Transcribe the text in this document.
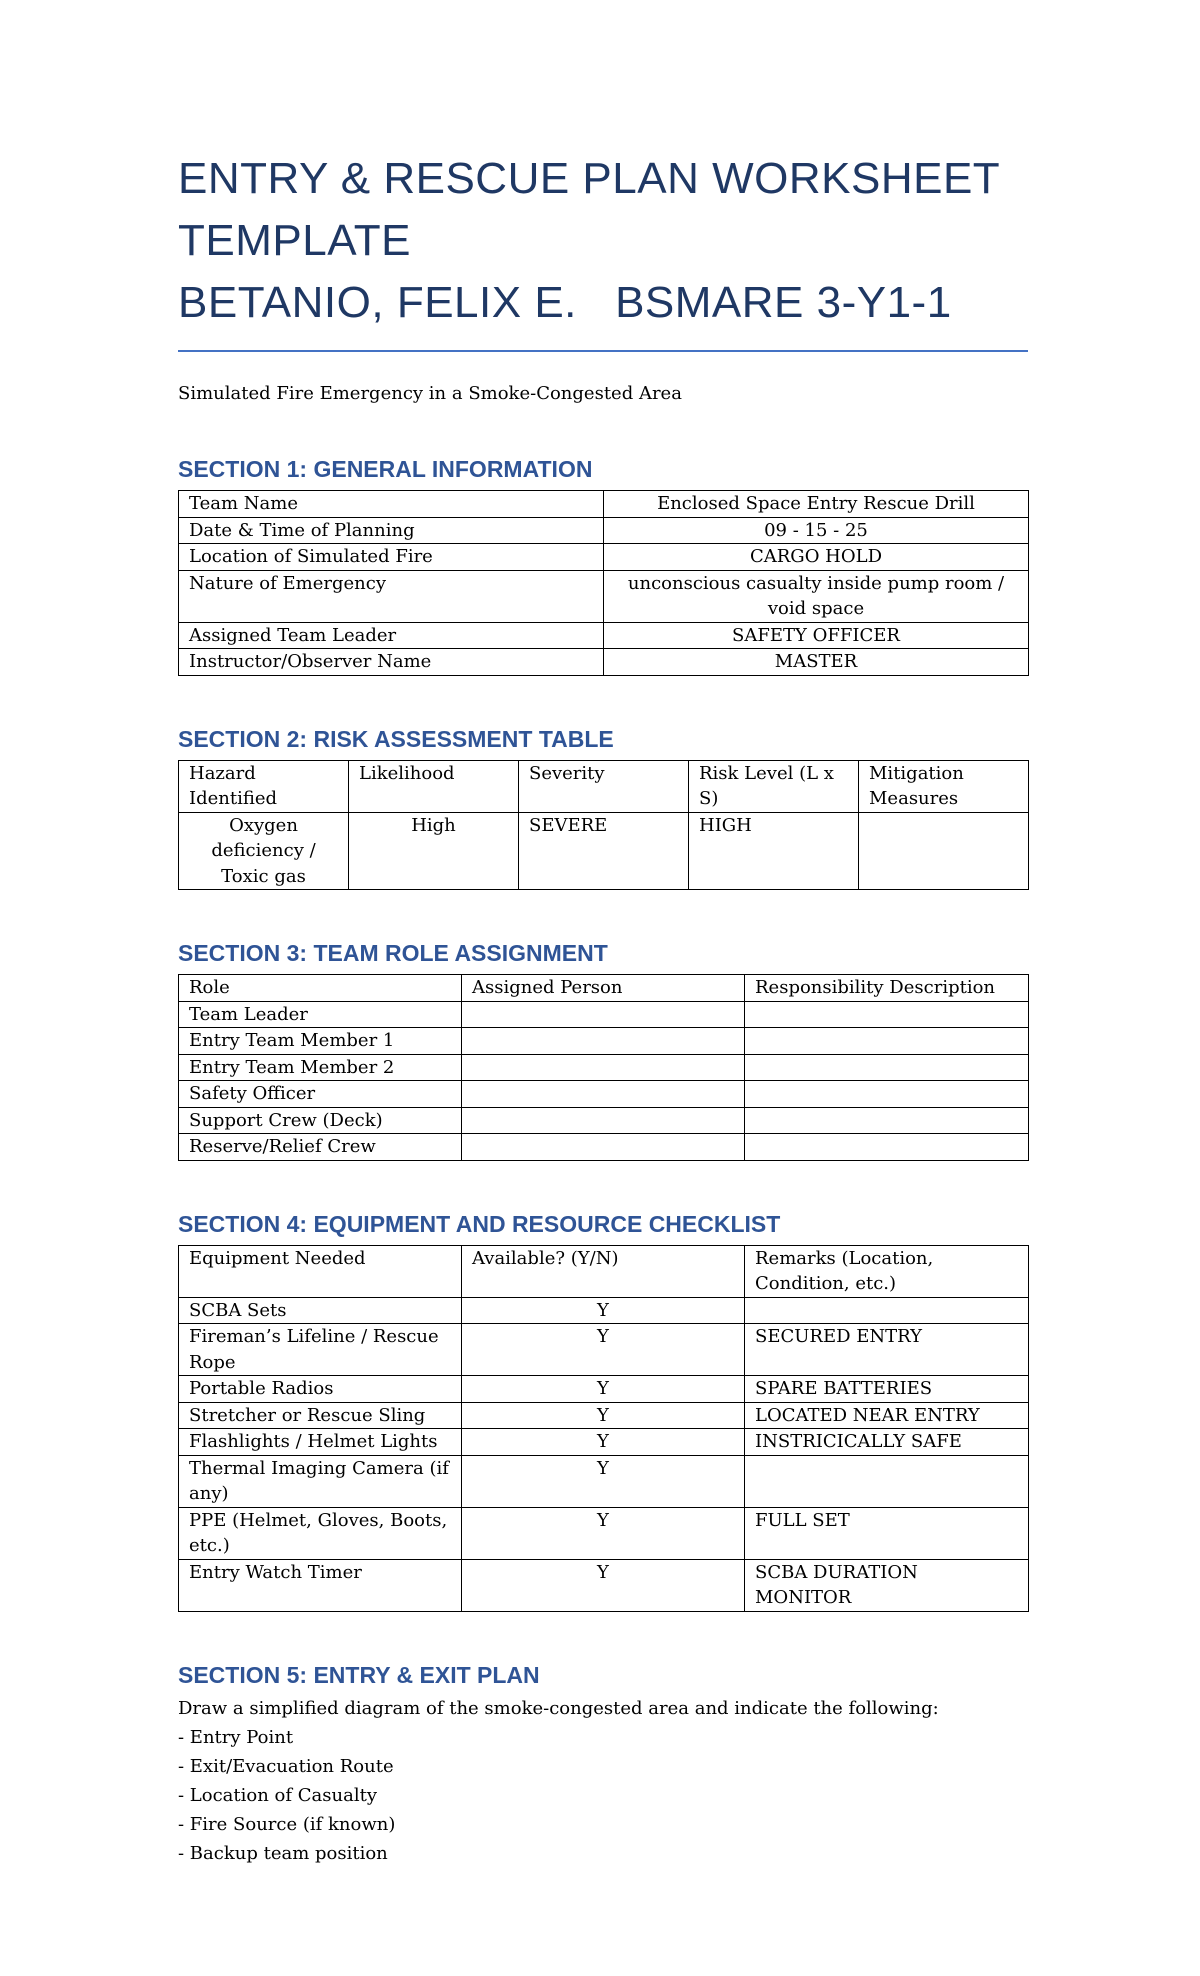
ENTRY & RESCUE PLAN WORKSHEET
TEMPLATE
BETANIO, FELIX E.   BSMARE 3-Y1-1
Simulated Fire Emergency in a Smoke-Congested Area
SECTION 1: GENERAL INFORMATION
Team Name	Enclosed Space Entry Rescue Drill
Date & Time of Planning	09 - 15 - 25
Location of Simulated Fire	CARGO HOLD
Nature of Emergency	unconscious casualty inside pump room / void space
Assigned Team Leader	SAFETY OFFICER
Instructor/Observer Name	MASTER
SECTION 2: RISK ASSESSMENT TABLE
Hazard Identified	Likelihood	Severity	Risk Level (L x S)	Mitigation Measures
Oxygen deficiency / Toxic gas	High	SEVERE	HIGH	
SECTION 3: TEAM ROLE ASSIGNMENT
Role	Assigned Person	Responsibility Description
Team Leader		
Entry Team Member 1		
Entry Team Member 2		
Safety Officer		
Support Crew (Deck)		
Reserve/Relief Crew		
SECTION 4: EQUIPMENT AND RESOURCE CHECKLIST
Equipment Needed	Available? (Y/N)	Remarks (Location, Condition, etc.)
SCBA Sets	Y	
Fireman’s Lifeline / Rescue Rope	Y	SECURED ENTRY
Portable Radios	Y	SPARE BATTERIES
Stretcher or Rescue Sling	Y	LOCATED NEAR ENTRY
Flashlights / Helmet Lights	Y	INSTRICICALLY SAFE
Thermal Imaging Camera (if any)	Y	
PPE (Helmet, Gloves, Boots, etc.)	Y	FULL SET
Entry Watch Timer	Y	SCBA DURATION MONITOR
SECTION 5: ENTRY & EXIT PLAN
Draw a simplified diagram of the smoke-congested area and indicate the following:
- Entry Point
- Exit/Evacuation Route
- Location of Casualty
- Fire Source (if known)
- Backup team position
